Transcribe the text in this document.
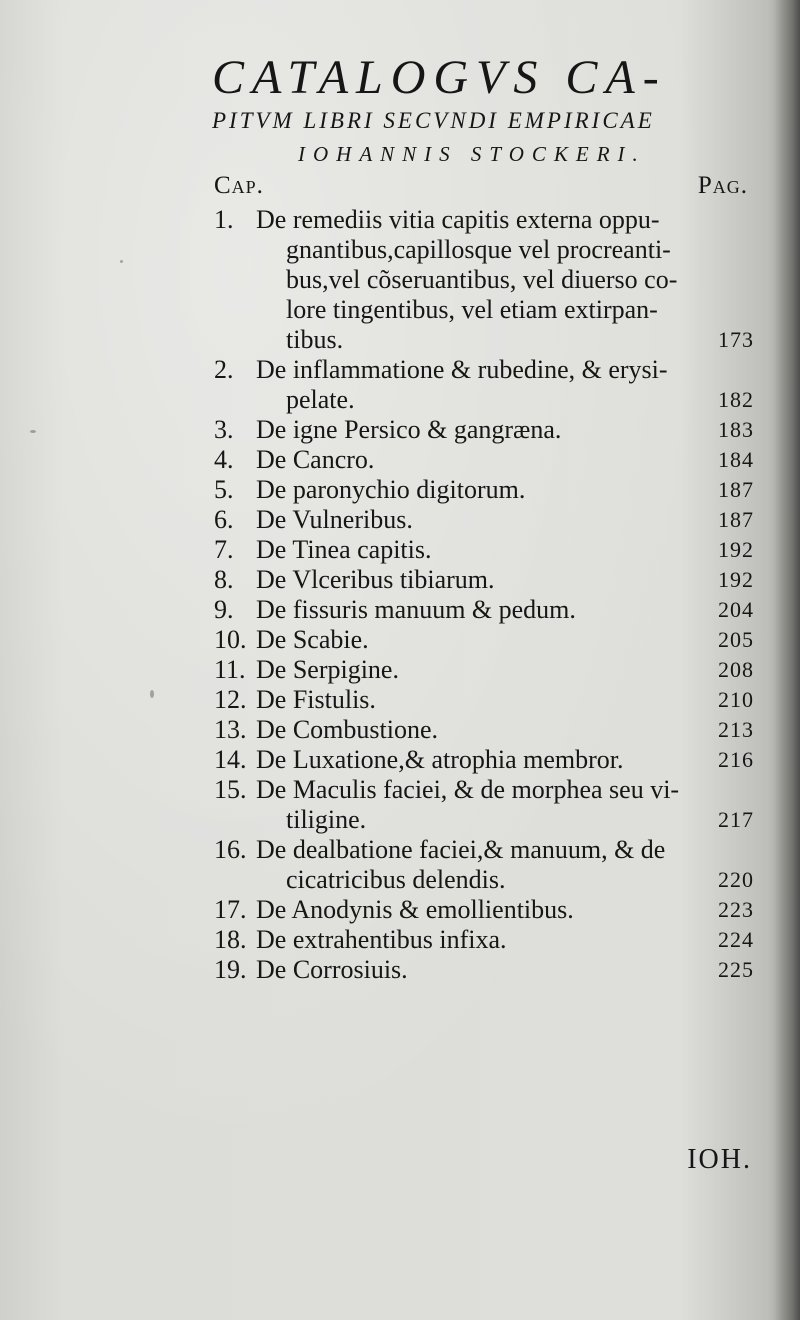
CATALOGVS CA-
PITVM LIBRI SECVNDI EMPIRICAE
IOHANNIS STOCKERI.
Cap.	Pag.
1. De remediis vitia capitis externa oppu-
gnantibus,capillosque vel procreanti-
bus,vel cõseruantibus, vel diuerso co-
lore tingentibus, vel etiam extirpan-
tibus.	173
2. De inflammatione & rubedine, & erysi-
pelate.	182
3. De igne Persico & gangræna.	183
4. De Cancro.	184
5. De paronychio digitorum.	187
6. De Vulneribus.	187
7. De Tinea capitis.	192
8. De Vlceribus tibiarum.	192
9. De fissuris manuum & pedum.	204
10. De Scabie.	205
11. De Serpigine.	208
12. De Fistulis.	210
13. De Combustione.	213
14. De Luxatione,& atrophia membror.	216
15. De Maculis faciei, & de morphea seu vi-
tiligine.	217
16. De dealbatione faciei,& manuum, & de
cicatricibus delendis.	220
17. De Anodynis & emollientibus.	223
18. De extrahentibus infixa.	224
19. De Corrosiuis.	225
IOH.
